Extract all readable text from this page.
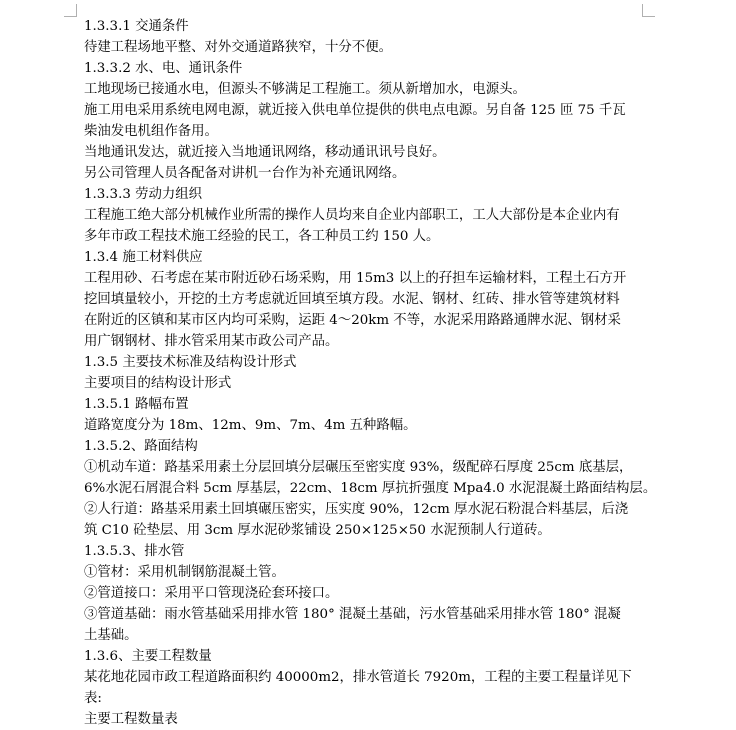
1.3.3.1 交通条件

待建工程场地平整、对外交通道路狭窄，十分不便。

1.3.3.2 水、电、通讯条件

工地现场已接通水电，但源头不够满足工程施工。须从新增加水，电源头。

施工用电采用系统电网电源，就近接入供电单位提供的供电点电源。另自备 125 匝 75 千瓦

柴油发电机组作备用。

当地通讯发达，就近接入当地通讯网络，移动通讯讯号良好。

另公司管理人员各配备对讲机一台作为补充通讯网络。

1.3.3.3 劳动力组织

工程施工绝大部分机械作业所需的操作人员均来自企业内部职工，工人大部份是本企业内有

多年市政工程技术施工经验的民工，各工种员工约 150 人。

1.3.4 施工材料供应

工程用砂、石考虑在某市附近砂石场采购，用 15m3 以上的孖担车运输材料，工程土石方开

挖回填量较小，开挖的土方考虑就近回填至填方段。水泥、钢材、红砖、排水管等建筑材料

在附近的区镇和某市区内均可采购，运距 4～20km 不等，水泥采用路路通牌水泥、钢材采

用广钢钢材、排水管采用某市政公司产品。

1.3.5 主要技术标准及结构设计形式

主要项目的结构设计形式

1.3.5.1 路幅布置

道路宽度分为 18m、12m、9m、7m、4m 五种路幅。

1.3.5.2、路面结构

①机动车道：路基采用素土分层回填分层碾压至密实度 93%，级配碎石厚度 25cm 底基层，

6%水泥石屑混合料 5cm 厚基层，22cm、18cm 厚抗折强度 Mpa4.0 水泥混凝土路面结构层。

②人行道：路基采用素土回填碾压密实，压实度 90%，12cm 厚水泥石粉混合料基层，后浇

筑 C10 砼垫层、用 3cm 厚水泥砂浆铺设 250×125×50 水泥预制人行道砖。

1.3.5.3、排水管

①管材：采用机制钢筋混凝土管。

②管道接口：采用平口管现浇砼套环接口。

③管道基础：雨水管基础采用排水管 180° 混凝土基础，污水管基础采用排水管 180° 混凝

土基础。

1.3.6、主要工程数量

某花地花园市政工程道路面积约 40000m2，排水管道长 7920m，工程的主要工程量详见下

表:

主要工程数量表
